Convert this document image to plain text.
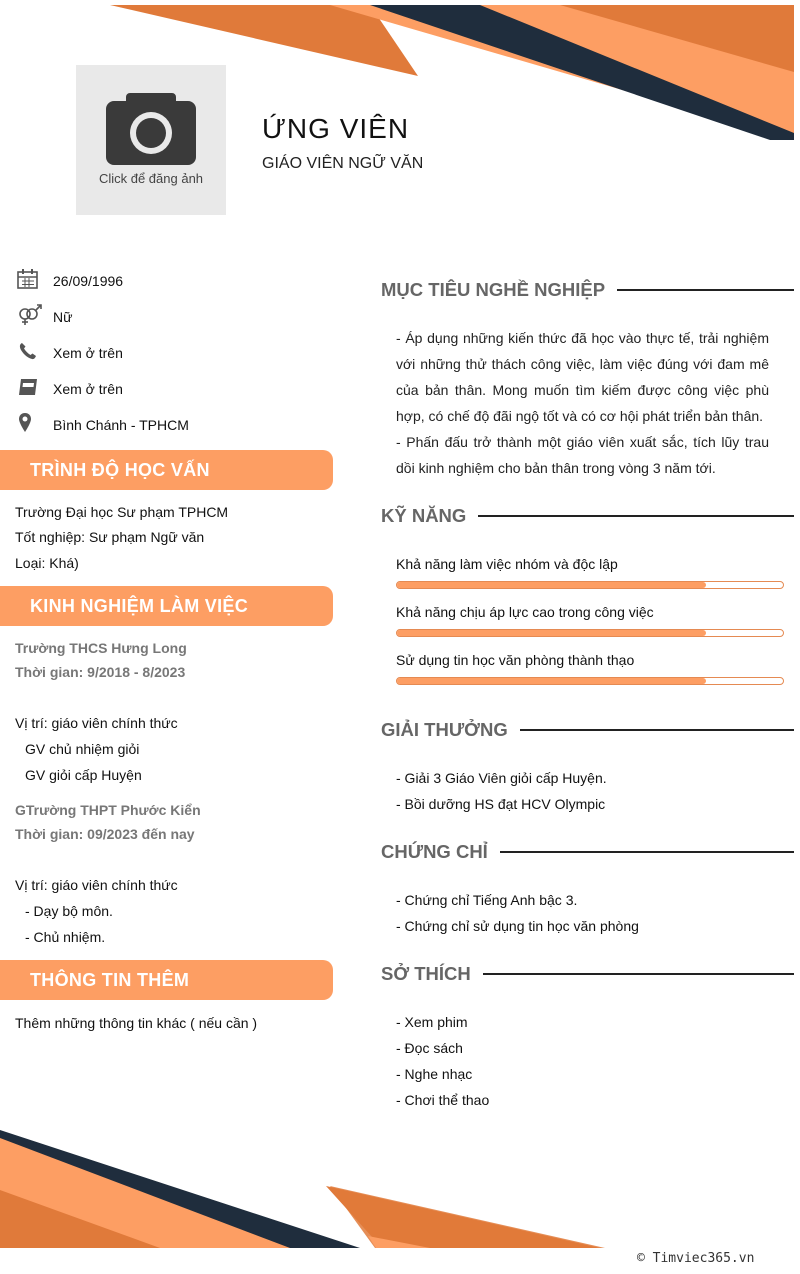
Click để đăng ảnh
ỨNG VIÊN
GIÁO VIÊN NGỮ VĂN
26/09/1996
Nữ
Xem ở trên
Xem ở trên
Bình Chánh - TPHCM
TRÌNH ĐỘ HỌC VẤN
Trường Đại học Sư phạm TPHCM
Tốt nghiệp: Sư phạm Ngữ văn
Loại: Khá)
KINH NGHIỆM LÀM VIỆC
Trường THCS Hưng Long
Thời gian: 9/2018 - 8/2023
Vị trí: giáo viên chính thức
GV chủ nhiệm giỏi
GV giỏi cấp Huyện
GTrường THPT Phước Kiển
Thời gian: 09/2023 đến nay
Vị trí: giáo viên chính thức
- Dạy bộ môn.
- Chủ nhiệm.
THÔNG TIN THÊM
Thêm những thông tin khác ( nếu cần )
MỤC TIÊU NGHỀ NGHIỆP

- Áp dụng những kiến thức đã học vào thực tế, trải nghiệm với những thử thách công việc, làm việc đúng với đam mê của bản thân. Mong muốn tìm kiếm được công việc phù hợp, có chế độ đãi ngộ tốt và có cơ hội phát triển bản thân.

- Phấn đấu trở thành một giáo viên xuất sắc, tích lũy trau dồi kinh nghiệm cho bản thân trong vòng 3 năm tới.

KỸ NĂNG
Khả năng làm việc nhóm và độc lập
Khả năng chịu áp lực cao trong công việc
Sử dụng tin học văn phòng thành thạo
GIẢI THƯỞNG
- Giải 3 Giáo Viên giỏi cấp Huyện.
- Bồi dưỡng HS đạt HCV Olympic
CHỨNG CHỈ
- Chứng chỉ Tiếng Anh bậc 3.
- Chứng chỉ sử dụng tin học văn phòng
SỞ THÍCH
- Xem phim
- Đọc sách
- Nghe nhạc
- Chơi thể thao
© Timviec365.vn
